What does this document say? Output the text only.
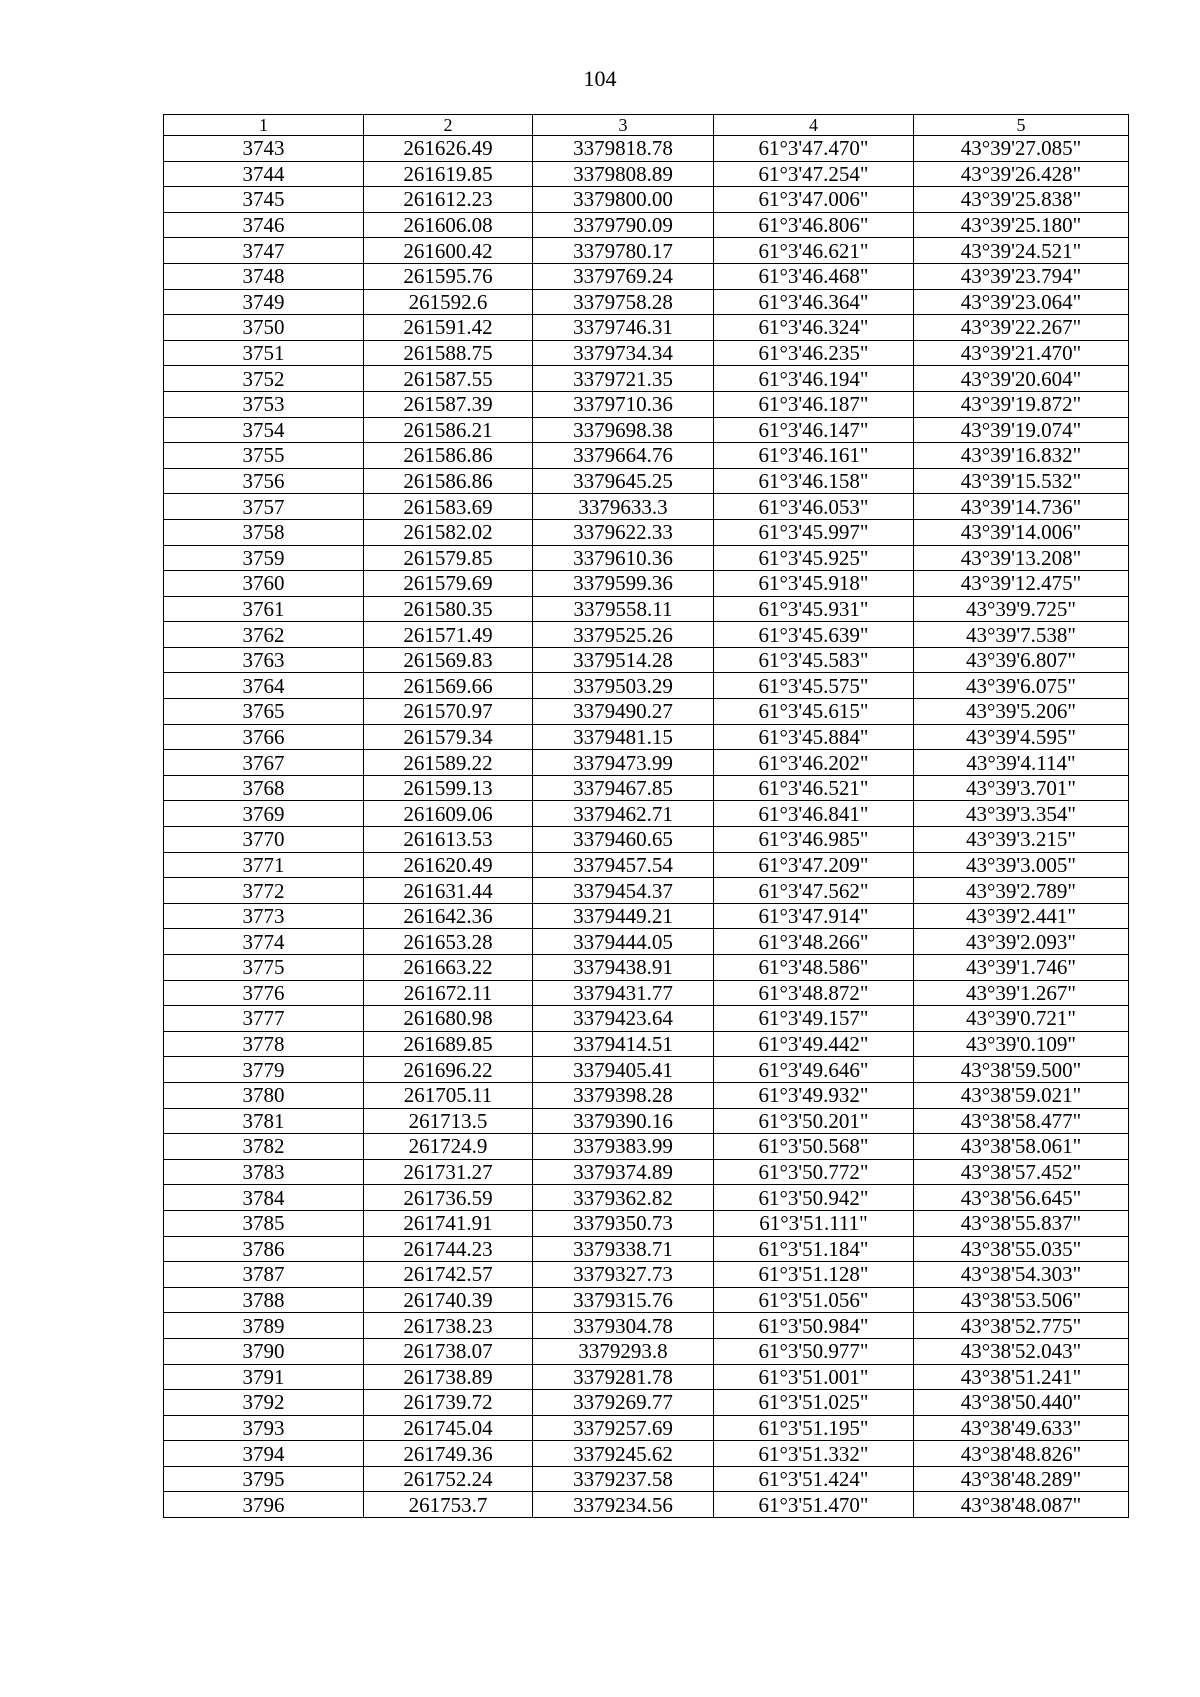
104
1	2	3	4	5
3743	261626.49	3379818.78	61°3'47.470"	43°39'27.085"
3744	261619.85	3379808.89	61°3'47.254"	43°39'26.428"
3745	261612.23	3379800.00	61°3'47.006"	43°39'25.838"
3746	261606.08	3379790.09	61°3'46.806"	43°39'25.180"
3747	261600.42	3379780.17	61°3'46.621"	43°39'24.521"
3748	261595.76	3379769.24	61°3'46.468"	43°39'23.794"
3749	261592.6	3379758.28	61°3'46.364"	43°39'23.064"
3750	261591.42	3379746.31	61°3'46.324"	43°39'22.267"
3751	261588.75	3379734.34	61°3'46.235"	43°39'21.470"
3752	261587.55	3379721.35	61°3'46.194"	43°39'20.604"
3753	261587.39	3379710.36	61°3'46.187"	43°39'19.872"
3754	261586.21	3379698.38	61°3'46.147"	43°39'19.074"
3755	261586.86	3379664.76	61°3'46.161"	43°39'16.832"
3756	261586.86	3379645.25	61°3'46.158"	43°39'15.532"
3757	261583.69	3379633.3	61°3'46.053"	43°39'14.736"
3758	261582.02	3379622.33	61°3'45.997"	43°39'14.006"
3759	261579.85	3379610.36	61°3'45.925"	43°39'13.208"
3760	261579.69	3379599.36	61°3'45.918"	43°39'12.475"
3761	261580.35	3379558.11	61°3'45.931"	43°39'9.725"
3762	261571.49	3379525.26	61°3'45.639"	43°39'7.538"
3763	261569.83	3379514.28	61°3'45.583"	43°39'6.807"
3764	261569.66	3379503.29	61°3'45.575"	43°39'6.075"
3765	261570.97	3379490.27	61°3'45.615"	43°39'5.206"
3766	261579.34	3379481.15	61°3'45.884"	43°39'4.595"
3767	261589.22	3379473.99	61°3'46.202"	43°39'4.114"
3768	261599.13	3379467.85	61°3'46.521"	43°39'3.701"
3769	261609.06	3379462.71	61°3'46.841"	43°39'3.354"
3770	261613.53	3379460.65	61°3'46.985"	43°39'3.215"
3771	261620.49	3379457.54	61°3'47.209"	43°39'3.005"
3772	261631.44	3379454.37	61°3'47.562"	43°39'2.789"
3773	261642.36	3379449.21	61°3'47.914"	43°39'2.441"
3774	261653.28	3379444.05	61°3'48.266"	43°39'2.093"
3775	261663.22	3379438.91	61°3'48.586"	43°39'1.746"
3776	261672.11	3379431.77	61°3'48.872"	43°39'1.267"
3777	261680.98	3379423.64	61°3'49.157"	43°39'0.721"
3778	261689.85	3379414.51	61°3'49.442"	43°39'0.109"
3779	261696.22	3379405.41	61°3'49.646"	43°38'59.500"
3780	261705.11	3379398.28	61°3'49.932"	43°38'59.021"
3781	261713.5	3379390.16	61°3'50.201"	43°38'58.477"
3782	261724.9	3379383.99	61°3'50.568"	43°38'58.061"
3783	261731.27	3379374.89	61°3'50.772"	43°38'57.452"
3784	261736.59	3379362.82	61°3'50.942"	43°38'56.645"
3785	261741.91	3379350.73	61°3'51.111"	43°38'55.837"
3786	261744.23	3379338.71	61°3'51.184"	43°38'55.035"
3787	261742.57	3379327.73	61°3'51.128"	43°38'54.303"
3788	261740.39	3379315.76	61°3'51.056"	43°38'53.506"
3789	261738.23	3379304.78	61°3'50.984"	43°38'52.775"
3790	261738.07	3379293.8	61°3'50.977"	43°38'52.043"
3791	261738.89	3379281.78	61°3'51.001"	43°38'51.241"
3792	261739.72	3379269.77	61°3'51.025"	43°38'50.440"
3793	261745.04	3379257.69	61°3'51.195"	43°38'49.633"
3794	261749.36	3379245.62	61°3'51.332"	43°38'48.826"
3795	261752.24	3379237.58	61°3'51.424"	43°38'48.289"
3796	261753.7	3379234.56	61°3'51.470"	43°38'48.087"
